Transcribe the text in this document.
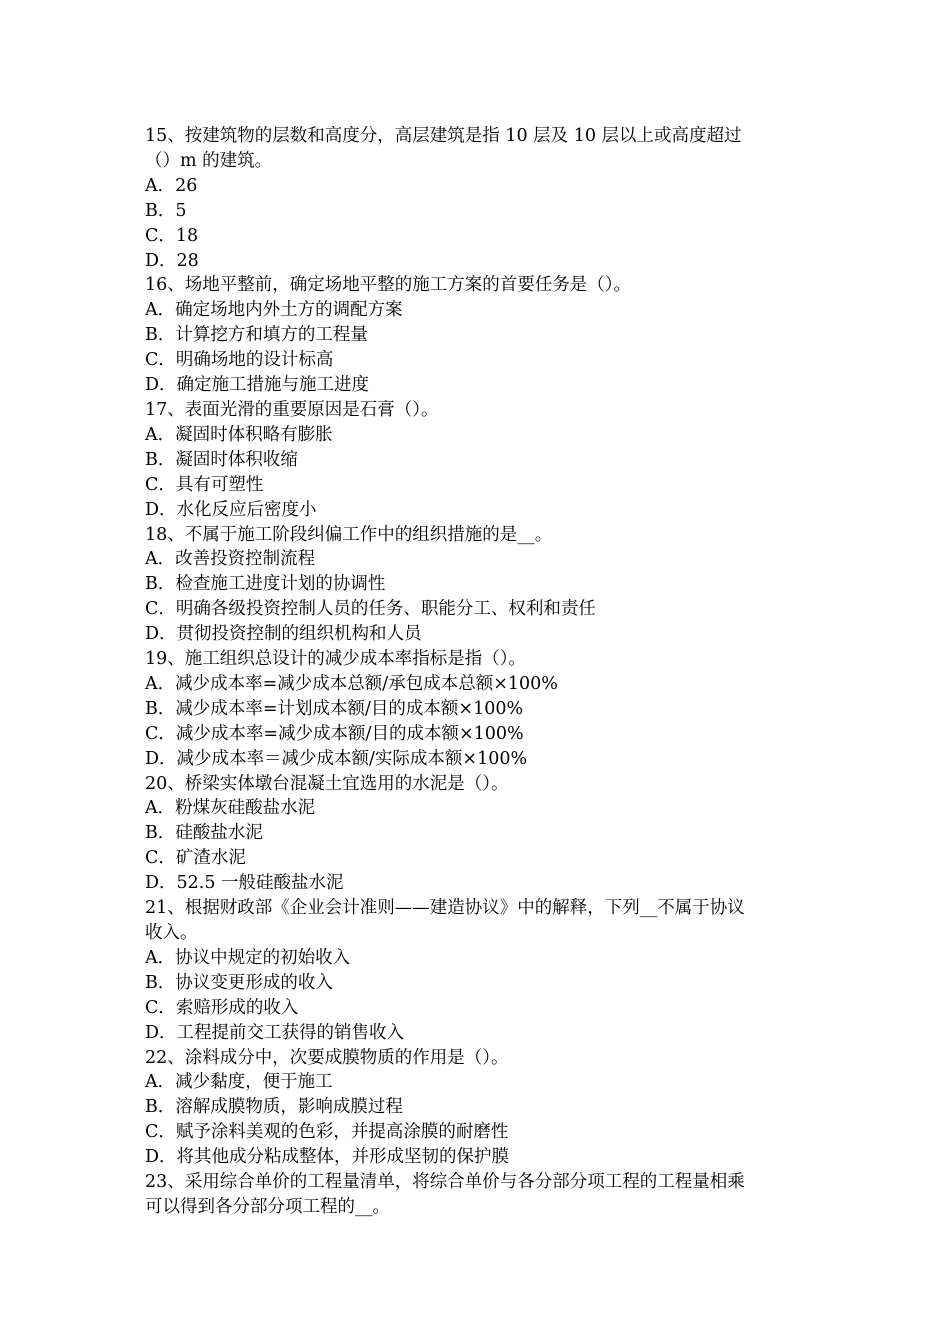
15、按建筑物的层数和高度分，高层建筑是指 10 层及 10 层以上或高度超过
（）m 的建筑。
A．26
B．5
C．18
D．28
16、场地平整前，确定场地平整的施工方案的首要任务是（）。
A．确定场地内外土方的调配方案
B．计算挖方和填方的工程量
C．明确场地的设计标高
D．确定施工措施与施工进度
17、表面光滑的重要原因是石膏（）。
A．凝固时体积略有膨胀
B．凝固时体积收缩
C．具有可塑性
D．水化反应后密度小
18、不属于施工阶段纠偏工作中的组织措施的是__。
A．改善投资控制流程
B．检查施工进度计划的协调性
C．明确各级投资控制人员的任务、职能分工、权利和责任
D．贯彻投资控制的组织机构和人员
19、施工组织总设计的减少成本率指标是指（）。
A．减少成本率=减少成本总额/承包成本总额×100%
B．减少成本率=计划成本额/目的成本额×100%
C．减少成本率=减少成本额/目的成本额×100%
D．减少成本率＝减少成本额/实际成本额×100%
20、桥梁实体墩台混凝土宜选用的水泥是（）。
A．粉煤灰硅酸盐水泥
B．硅酸盐水泥
C．矿渣水泥
D．52.5 一般硅酸盐水泥
21、根据财政部《企业会计准则——建造协议》中的解释，下列__不属于协议
收入。
A．协议中规定的初始收入
B．协议变更形成的收入
C．索赔形成的收入
D．工程提前交工获得的销售收入
22、涂料成分中，次要成膜物质的作用是（）。
A．减少黏度，便于施工
B．溶解成膜物质，影响成膜过程
C．赋予涂料美观的色彩，并提高涂膜的耐磨性
D．将其他成分粘成整体，并形成坚韧的保护膜
23、采用综合单价的工程量清单，将综合单价与各分部分项工程的工程量相乘
可以得到各分部分项工程的__。
